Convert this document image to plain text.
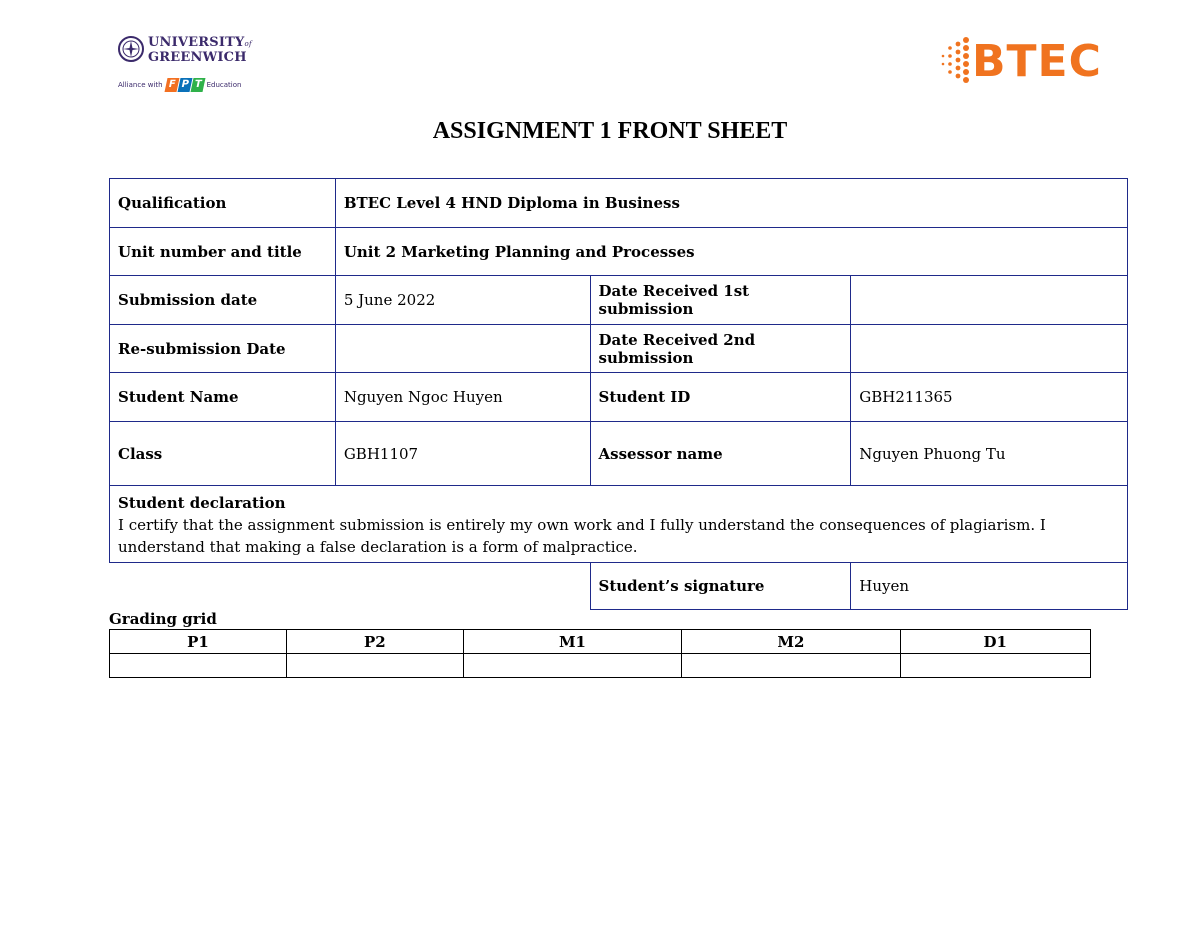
UNIVERSITYof
GREENWICH
Alliance with F P T Education	BTEC
ASSIGNMENT 1 FRONT SHEET
Qualification	BTEC Level 4 HND Diploma in Business		
Unit number and title	Unit 2 Marketing Planning and Processes		
Submission date	5 June 2022	Date Received 1st submission	
Re-submission Date		Date Received 2nd submission	
Student Name	Nguyen Ngoc Huyen	Student ID	GBH211365
Class	GBH1107	Assessor name	Nguyen Phuong Tu

Student declaration
I certify that the assignment submission is entirely my own work and I fully understand the consequences of plagiarism. I understand that making a false declaration is a form of malpractice.			

		Student’s signature	Huyen
Grading grid
P1	P2	M1	M2	D1
